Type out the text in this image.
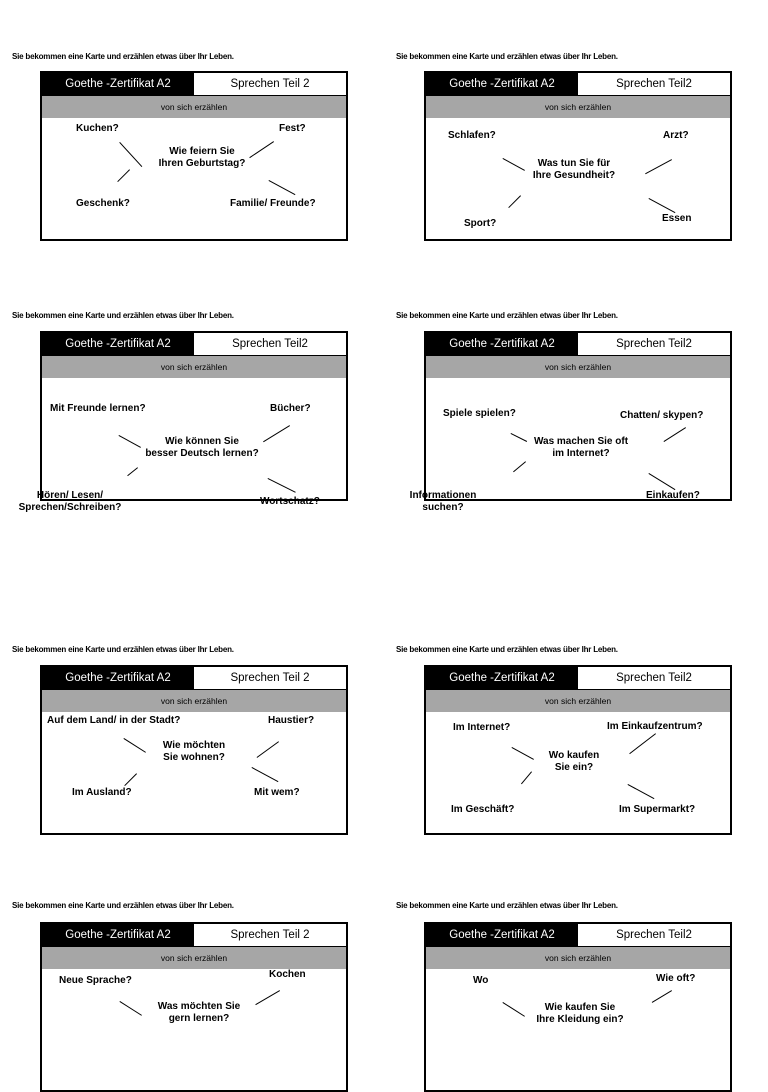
Sie bekommen eine Karte und erzählen etwas über Ihr Leben.
Goethe -Zertifikat A2	Sprechen Teil 2
von sich erzählen
Kuchen?	Fest?
Geschenk?	Familie/ Freunde?
Wie feiern Sie
Ihren Geburtstag?
Sie bekommen eine Karte und erzählen etwas über Ihr Leben.
Goethe -Zertifikat A2	Sprechen Teil2
von sich erzählen
Schlafen?	Arzt?
Sport?	Essen
Was tun Sie für
Ihre Gesundheit?
Sie bekommen eine Karte und erzählen etwas über Ihr Leben.
Goethe -Zertifikat A2	Sprechen Teil2
von sich erzählen
Mit Freunde lernen?	Bücher?
Hören/ Lesen/
Sprechen/Schreiben?
Wortschatz?
Wie können Sie
besser Deutsch lernen?
Sie bekommen eine Karte und erzählen etwas über Ihr Leben.
Goethe -Zertifikat A2	Sprechen Teil2
von sich erzählen
Spiele spielen?	Chatten/ skypen?
Informationen
suchen?
Einkaufen?
Was machen Sie oft
im Internet?
Sie bekommen eine Karte und erzählen etwas über Ihr Leben.
Goethe -Zertifikat A2	Sprechen Teil 2
von sich erzählen
Auf dem Land/ in der Stadt?	Haustier?
Im Ausland?	Mit wem?
Wie möchten
Sie wohnen?
Sie bekommen eine Karte und erzählen etwas über Ihr Leben.
Goethe -Zertifikat A2	Sprechen Teil2
von sich erzählen
Im Internet?	Im Einkaufzentrum?
Im Geschäft?	Im Supermarkt?
Wo kaufen
Sie ein?
Sie bekommen eine Karte und erzählen etwas über Ihr Leben.
Goethe -Zertifikat A2	Sprechen Teil 2
von sich erzählen
Neue Sprache?
Kochen
Was möchten Sie
gern lernen?
Sie bekommen eine Karte und erzählen etwas über Ihr Leben.
Goethe -Zertifikat A2	Sprechen Teil2
von sich erzählen
Wo	Wie oft?
Wie kaufen Sie
Ihre Kleidung ein?
